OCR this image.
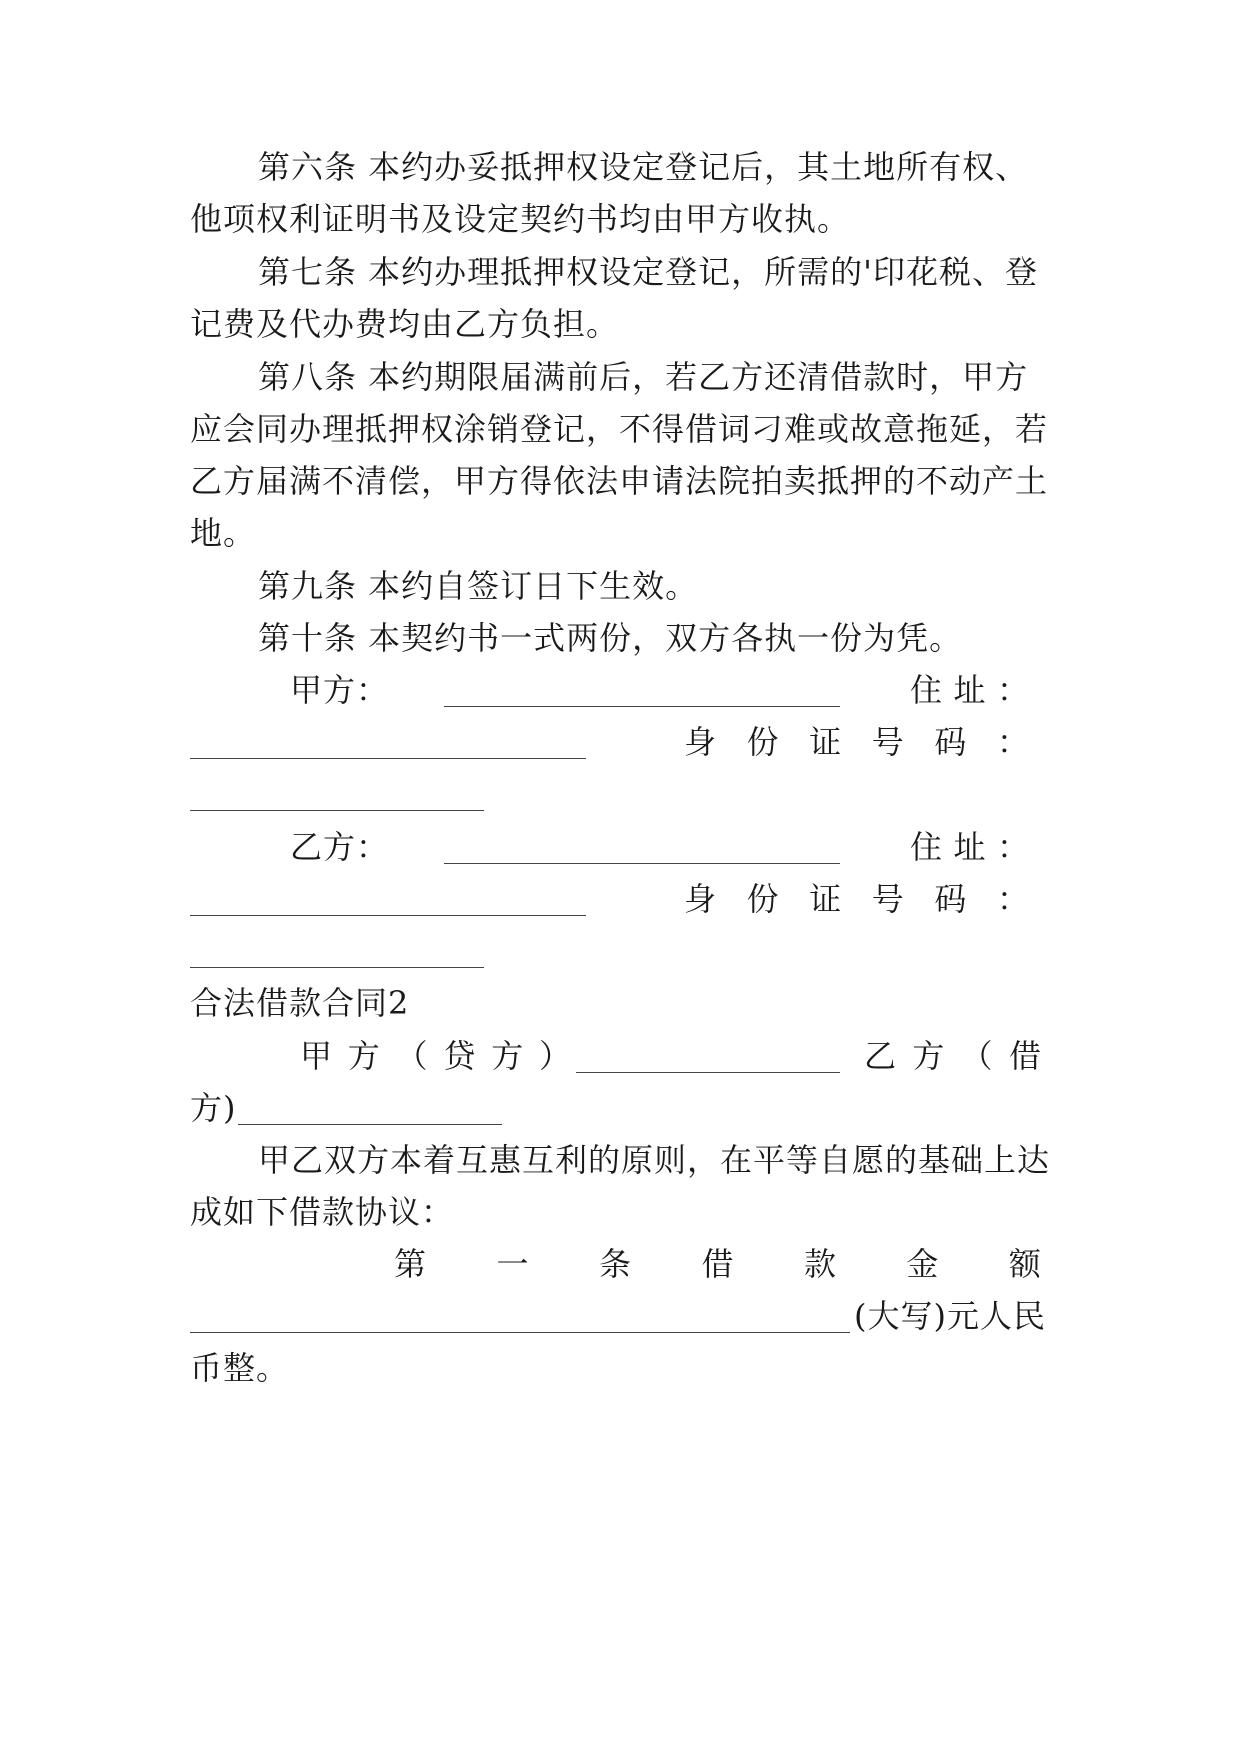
第六条 本约办妥抵押权设定登记后，其土地所有权、
他项权利证明书及设定契约书均由甲方收执。
第七条 本约办理抵押权设定登记，所需的'印花税、登
记费及代办费均由乙方负担。
第八条 本约期限届满前后，若乙方还清借款时，甲方
应会同办理抵押权涂销登记，不得借词刁难或故意拖延，若
乙方届满不清偿，甲方得依法申请法院拍卖抵押的不动产土
地。
第九条 本约自签订日下生效。
第十条 本契约书一式两份，双方各执一份为凭。
甲 方 ：	住 址 ：
身 份 证 号 码 ：
乙 方 ：	住 址 ：
身 份 证 号 码 ：
合法借款合同2
甲 方 （ 贷 方 ）	乙 方 （ 借
方)
甲乙双方本着互惠互利的原则，在平等自愿的基础上达
成如下借款协议：
第 一 条 借 款 金 额
(大写)元人民
币整。
